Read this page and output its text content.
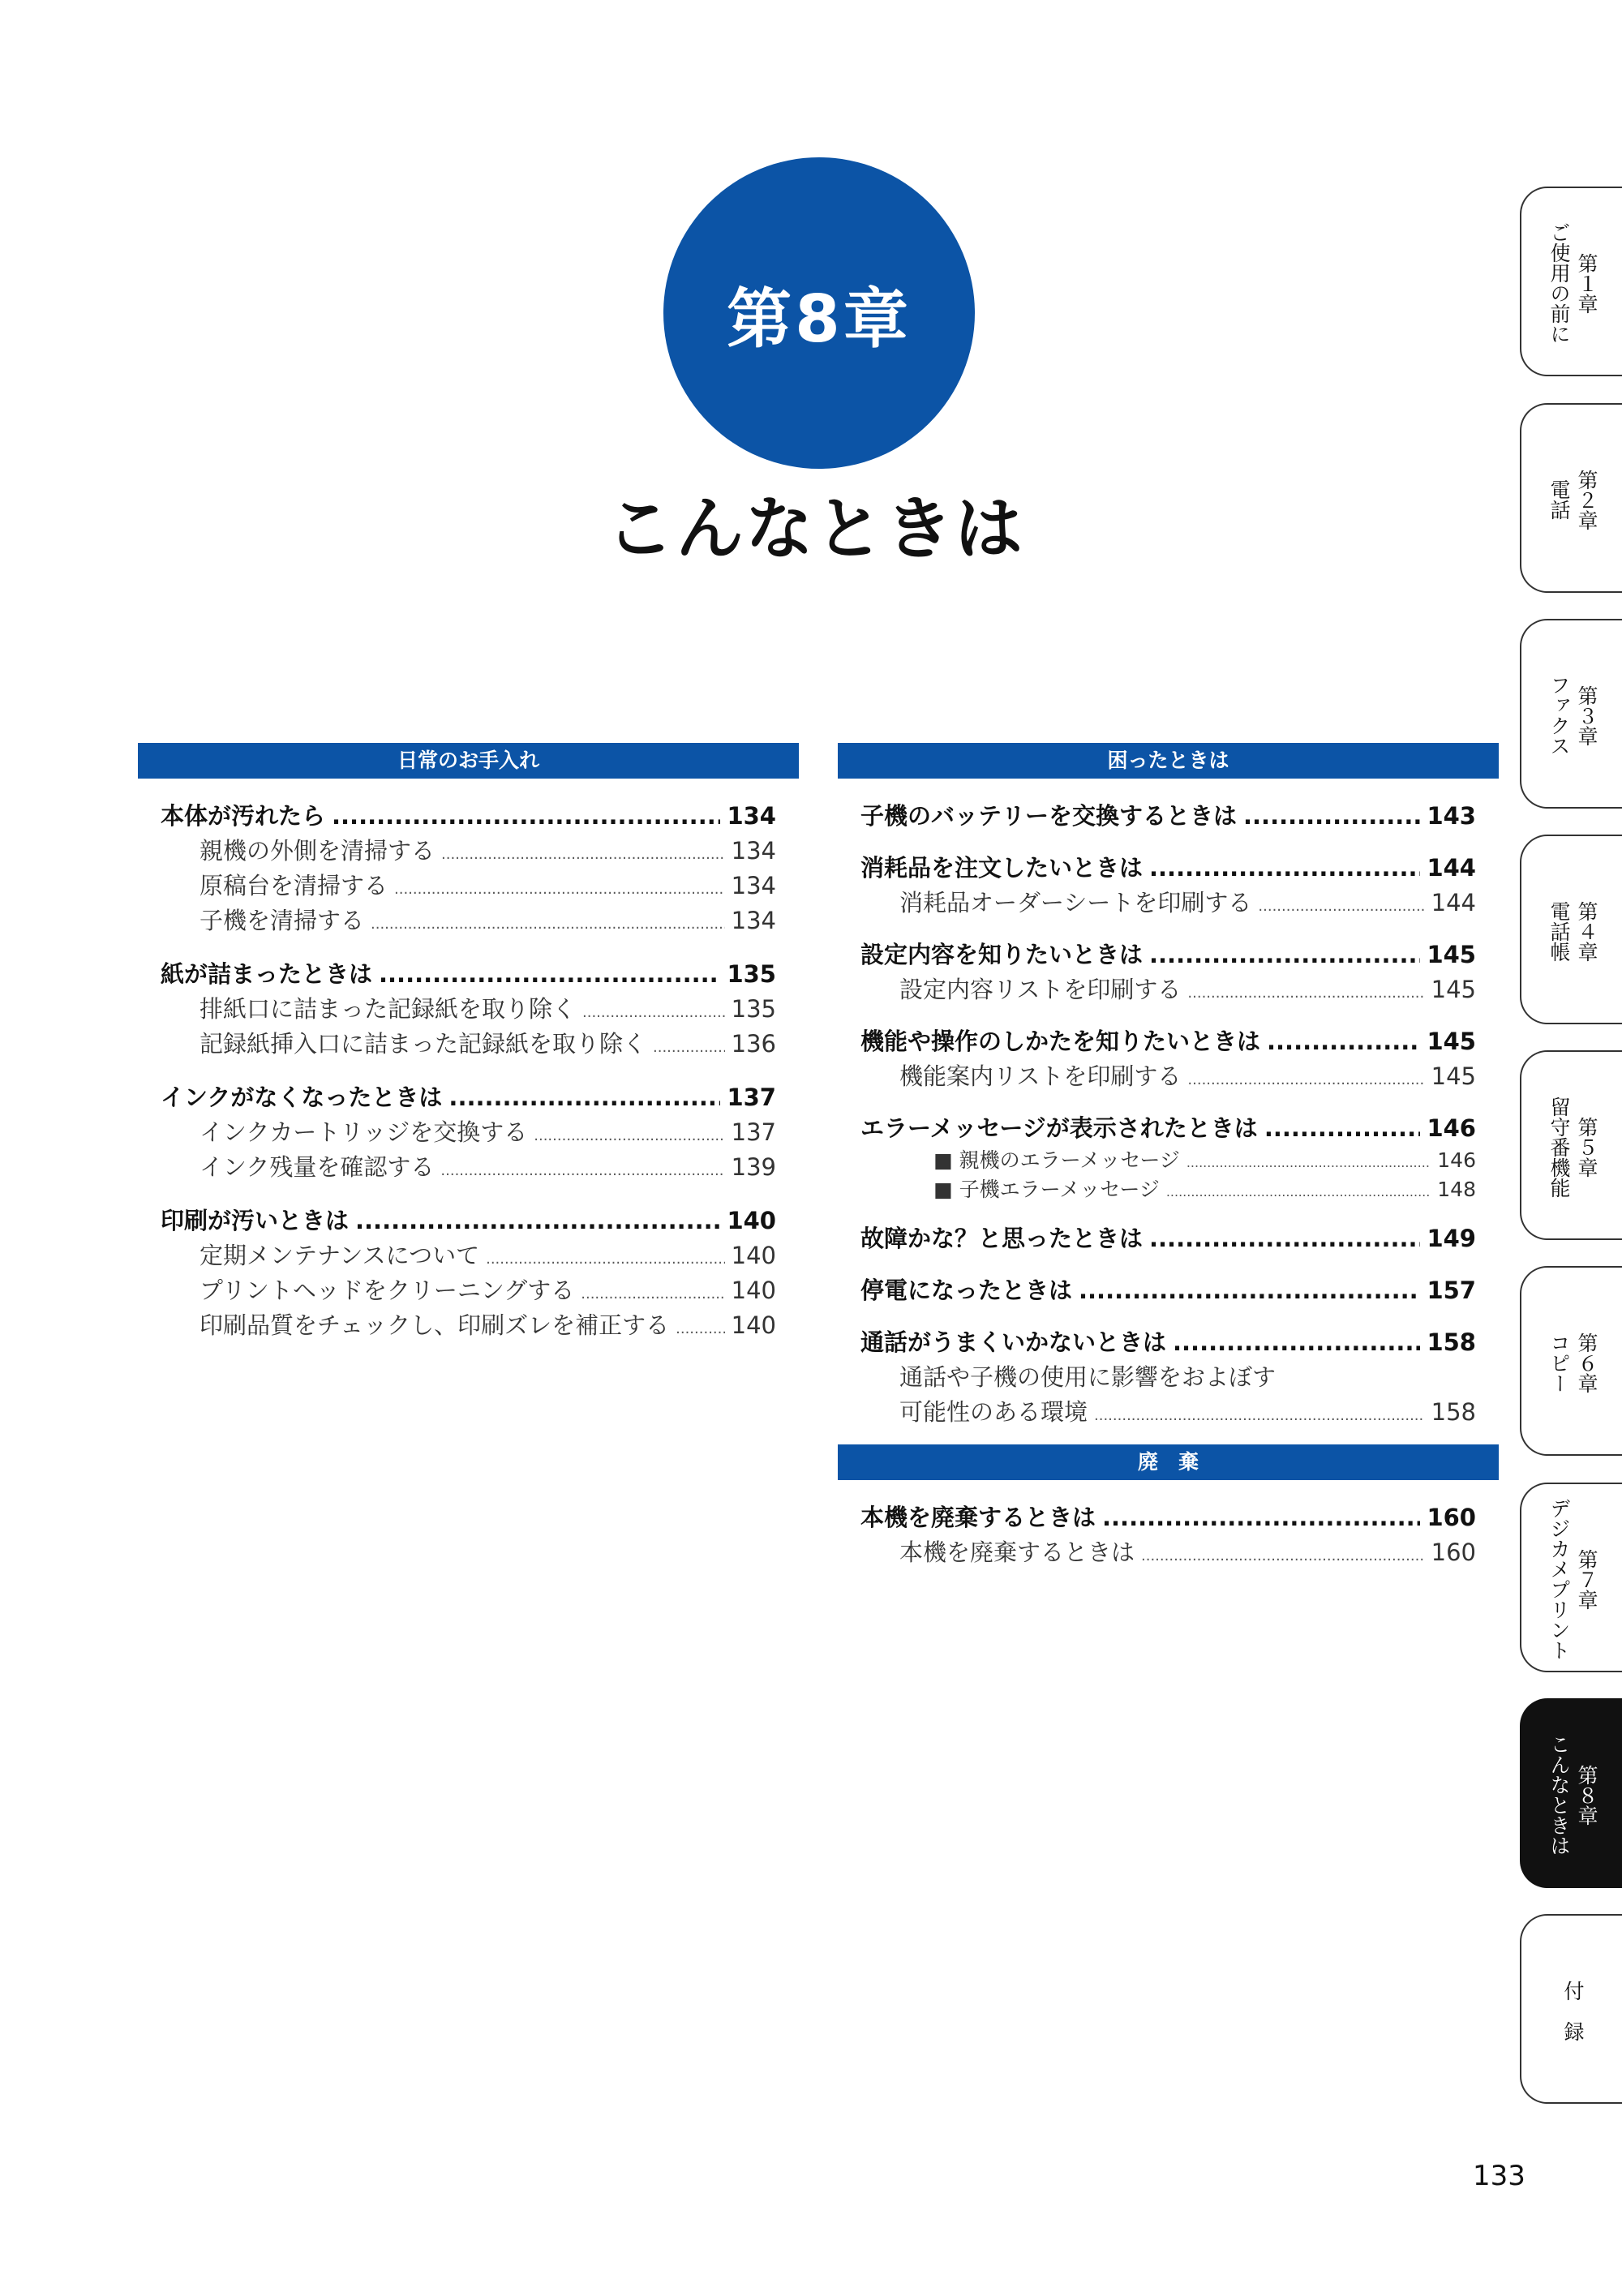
第8章
こんなときは
日常のお手入れ
本体が汚れたら .....	134
親機の外側を清掃する .....	134
原稿台を清掃する .....	134
子機を清掃する .....	134
紙が詰まったときは .....	135
排紙口に詰まった記録紙を取り除く .....	135
記録紙挿入口に詰まった記録紙を取り除く .....	136
インクがなくなったときは .....	137
インクカートリッジを交換する .....	137
インク残量を確認する .....	139
印刷が汚いときは .....	140
定期メンテナンスについて .....	140
プリントヘッドをクリーニングする .....	140
印刷品質をチェックし、印刷ズレを補正する .....	140
困ったときは
子機のバッテリーを交換するときは .....	143
消耗品を注文したいときは .....	144
消耗品オーダーシートを印刷する .....	144
設定内容を知りたいときは .....	145
設定内容リストを印刷する .....	145
機能や操作のしかたを知りたいときは .....	145
機能案内リストを印刷する .....	145
エラーメッセージが表示されたときは .....	146
■ 親機のエラーメッセージ .....	146
■ 子機エラーメッセージ .....	148
故障かな？と思ったときは .....	149
停電になったときは .....	157
通話がうまくいかないときは .....	158
通話や子機の使用に影響をおよぼす
可能性のある環境 .....	158
廃　棄
本機を廃棄するときは .....	160
本機を廃棄するときは .....	160
第１章
ご使用の前に
第２章
電話
第３章
ファクス
第４章
電話帳
第５章
留守番機能
第６章
コピー
第７章
デジカメプリント
第８章
こんなときは
付　録
133
